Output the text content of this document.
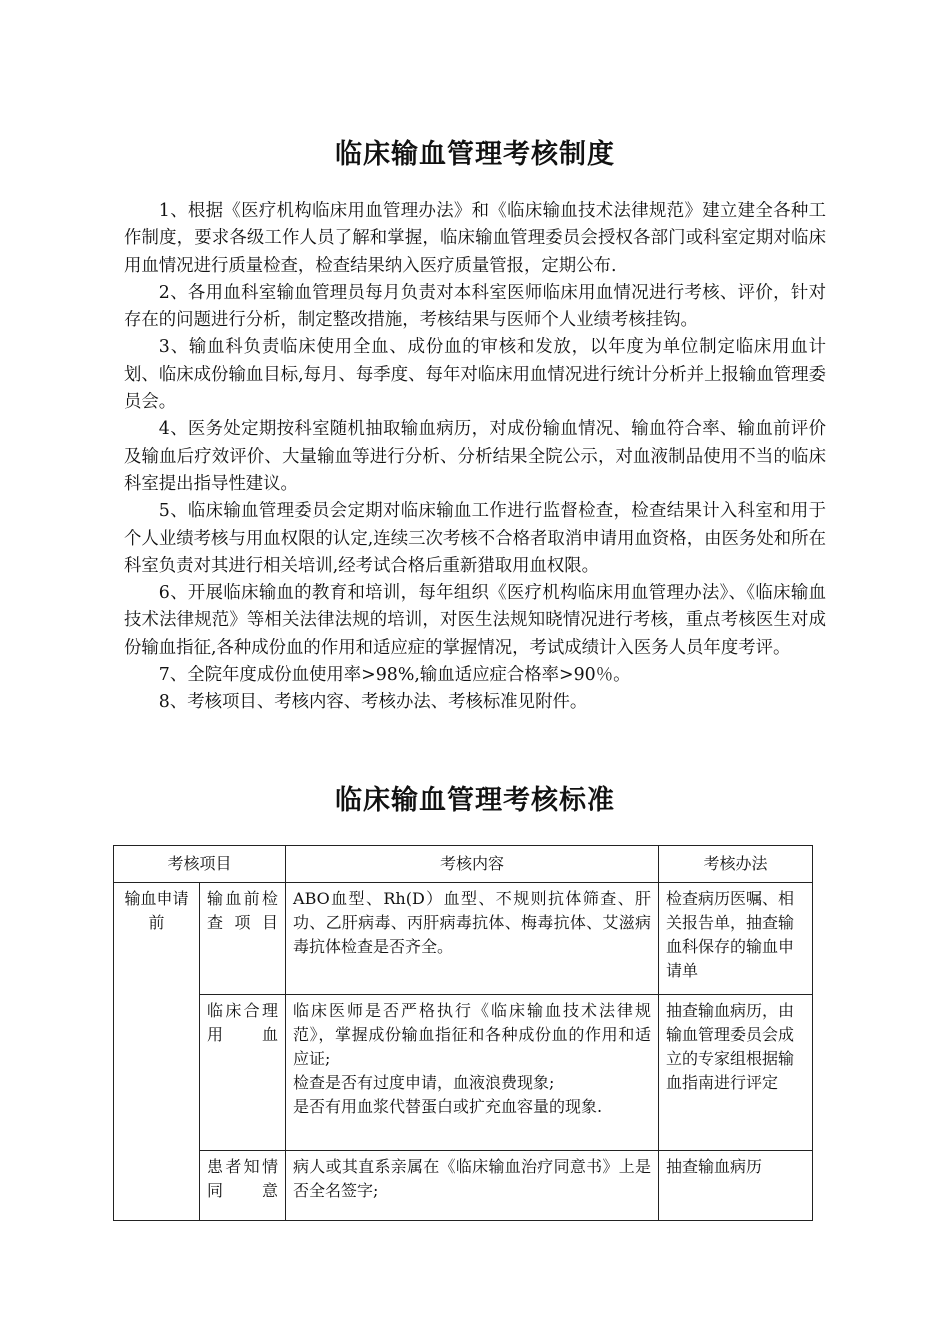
临床输血管理考核制度

1、根据《医疗机构临床用血管理办法》和《临床输血技术法律规范》建立建全各种工作制度，要求各级工作人员了解和掌握，临床输血管理委员会授权各部门或科室定期对临床用血情况进行质量检查，检查结果纳入医疗质量管报，定期公布.

2、各用血科室输血管理员每月负责对本科室医师临床用血情况进行考核、评价，针对存在的问题进行分析，制定整改措施，考核结果与医师个人业绩考核挂钩。

3、输血科负责临床使用全血、成份血的审核和发放，以年度为单位制定临床用血计划、临床成份输血目标,每月、每季度、每年对临床用血情况进行统计分析并上报输血管理委员会。

4、医务处定期按科室随机抽取输血病历，对成份输血情况、输血符合率、输血前评价及输血后疗效评价、大量输血等进行分析、分析结果全院公示，对血液制品使用不当的临床科室提出指导性建议。

5、临床输血管理委员会定期对临床输血工作进行监督检查，检查结果计入科室和用于个人业绩考核与用血权限的认定,连续三次考核不合格者取消申请用血资格，由医务处和所在科室负责对其进行相关培训,经考试合格后重新猎取用血权限。

6、开展临床输血的教育和培训，每年组织《医疗机构临床用血管理办法》、《临床输血技术法律规范》等相关法律法规的培训，对医生法规知晓情况进行考核，重点考核医生对成份输血指征,各种成份血的作用和适应症的掌握情况，考试成绩计入医务人员年度考评。

7、全院年度成份血使用率>98%,输血适应症合格率>90％。

8、考核项目、考核内容、考核办法、考核标准见附件。

临床输血管理考核标准
考核项目		考核内容	考核办法
输血申请前	输血前检查项目	ABO血型、Rh(D）血型、不规则抗体筛查、肝功、乙肝病毒、丙肝病毒抗体、梅毒抗体、艾滋病毒抗体检查是否齐全。	检查病历医嘱、相关报告单，抽查输血科保存的输血申请单
	临床合理用血	临床医师是否严格执行《临床输血技术法律规范》，掌握成份输血指征和各种成份血的作用和适应证;
检查是否有过度申请，血液浪费现象;
是否有用血浆代替蛋白或扩充血容量的现象.	抽查输血病历，由输血管理委员会成立的专家组根据输血指南进行评定
	患者知情同意	病人或其直系亲属在《临床输血治疗同意书》上是否全名签字;	抽查输血病历
